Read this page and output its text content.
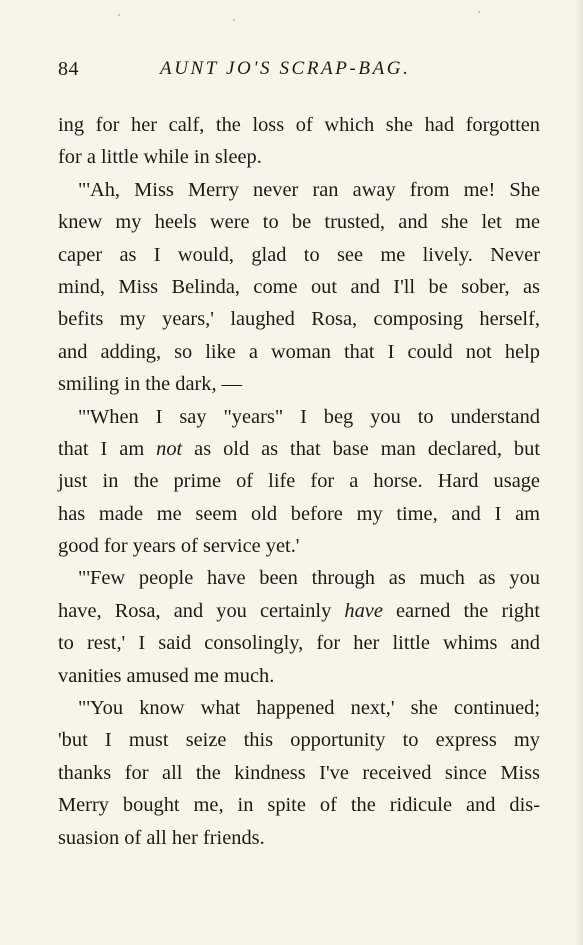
84	AUNT JO'S SCRAP-BAG.
ing for her calf, the loss of which she had forgotten
for a little while in sleep.
"'Ah, Miss Merry never ran away from me! She
knew my heels were to be trusted, and she let me
caper as I would, glad to see me lively. Never
mind, Miss Belinda, come out and I'll be sober, as
befits my years,' laughed Rosa, composing herself,
and adding, so like a woman that I could not help
smiling in the dark, —
"'When I say "years" I beg you to understand
that I am not as old as that base man declared, but
just in the prime of life for a horse. Hard usage
has made me seem old before my time, and I am
good for years of service yet.'
"'Few people have been through as much as you
have, Rosa, and you certainly have earned the right
to rest,' I said consolingly, for her little whims and
vanities amused me much.
"'You know what happened next,' she continued;
'but I must seize this opportunity to express my
thanks for all the kindness I've received since Miss
Merry bought me, in spite of the ridicule and dis-
suasion of all her friends.
